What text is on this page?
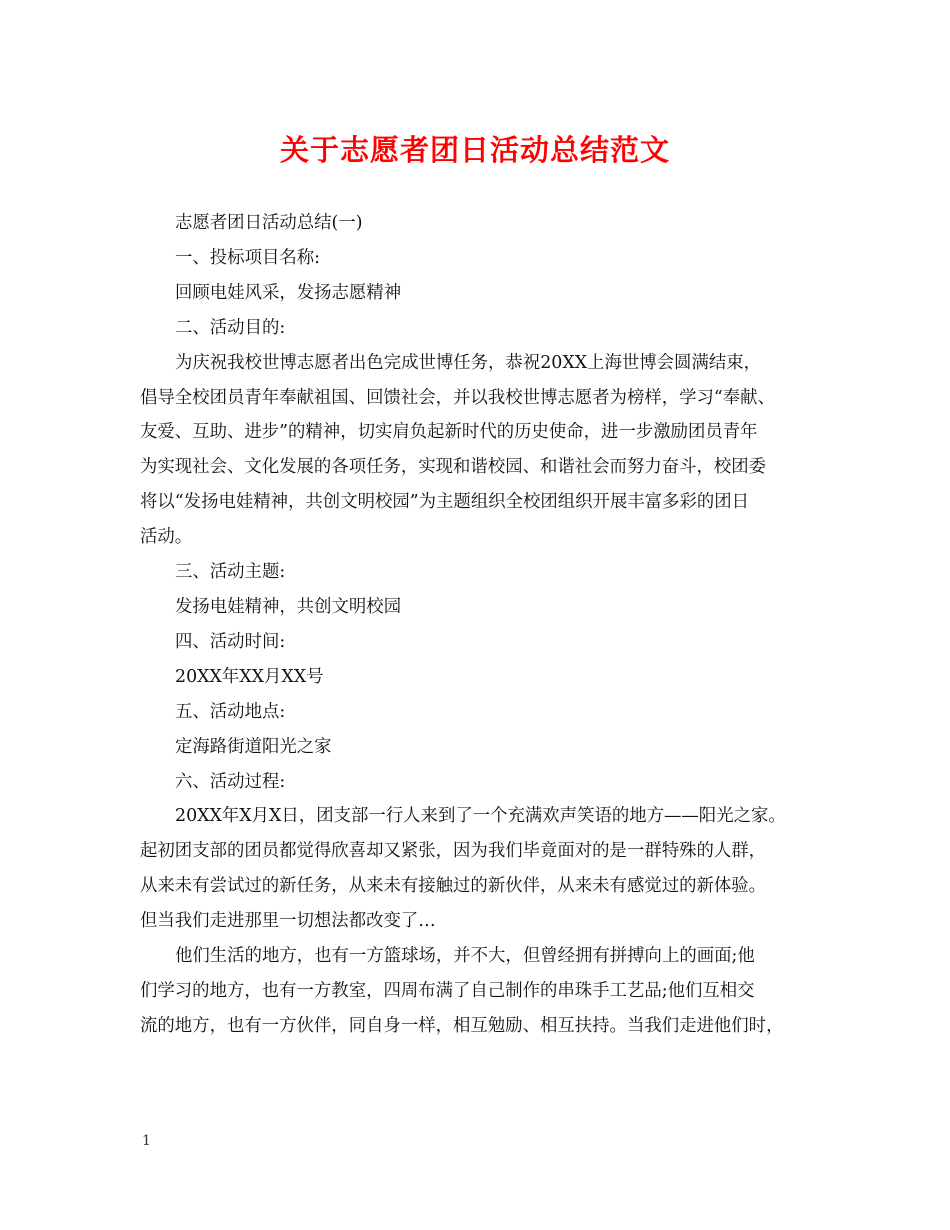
关于志愿者团日活动总结范文

志愿者团日活动总结(一)

一、投标项目名称:

回顾电娃风采，发扬志愿精神

二、活动目的:

为庆祝我校世博志愿者出色完成世博任务，恭祝20XX上海世博会圆满结束，

倡导全校团员青年奉献祖国、回馈社会，并以我校世博志愿者为榜样，学习“奉献、

友爱、互助、进步”的精神，切实肩负起新时代的历史使命，进一步激励团员青年

为实现社会、文化发展的各项任务，实现和谐校园、和谐社会而努力奋斗，校团委

将以“发扬电娃精神，共创文明校园”为主题组织全校团组织开展丰富多彩的团日

活动。

三、活动主题:

发扬电娃精神，共创文明校园

四、活动时间:

20XX年XX月XX号

五、活动地点:

定海路街道阳光之家

六、活动过程:

20XX年X月X日，团支部一行人来到了一个充满欢声笑语的地方——阳光之家。

起初团支部的团员都觉得欣喜却又紧张，因为我们毕竟面对的是一群特殊的人群，

从来未有尝试过的新任务，从来未有接触过的新伙伴，从来未有感觉过的新体验。

但当我们走进那里一切想法都改变了…

他们生活的地方，也有一方篮球场，并不大，但曾经拥有拼搏向上的画面;他

们学习的地方，也有一方教室，四周布满了自己制作的串珠手工艺品;他们互相交

流的地方，也有一方伙伴，同自身一样，相互勉励、相互扶持。当我们走进他们时，

1
